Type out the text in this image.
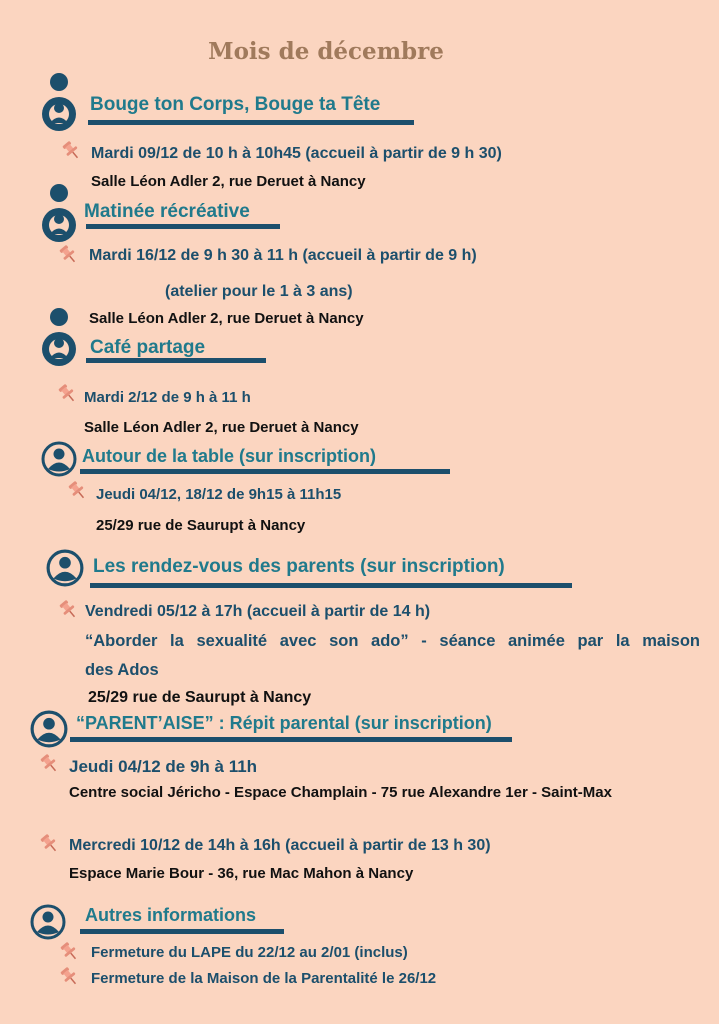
Mois de décembre
Bouge ton Corps, Bouge ta Tête
Mardi 09/12 de 10 h à 10h45 (accueil à partir de 9 h 30)
Salle Léon Adler 2, rue Deruet à Nancy
Matinée récréative
Mardi 16/12 de 9 h 30 à 11 h (accueil à partir de 9 h)
(atelier pour le 1 à 3 ans)
Salle Léon Adler 2, rue Deruet à Nancy
Café partage
Mardi 2/12 de 9 h à 11 h
Salle Léon Adler 2, rue Deruet à Nancy
Autour de la table (sur inscription)
Jeudi 04/12, 18/12 de 9h15 à 11h15
25/29 rue de Saurupt à Nancy
Les rendez-vous des parents (sur inscription)
Vendredi 05/12 à 17h (accueil à partir de 14 h)
“Aborder la sexualité avec son ado” - séance animée par la maison
des Ados
25/29 rue de Saurupt à Nancy
“PARENT’AISE” : Répit parental (sur inscription)
Jeudi 04/12 de 9h à 11h
Centre social Jéricho - Espace Champlain - 75 rue Alexandre 1er - Saint-Max
Mercredi 10/12 de 14h à 16h (accueil à partir de 13 h 30)
Espace Marie Bour - 36, rue Mac Mahon à Nancy
Autres informations
Fermeture du LAPE du 22/12 au 2/01 (inclus)
Fermeture de la Maison de la Parentalité le 26/12
